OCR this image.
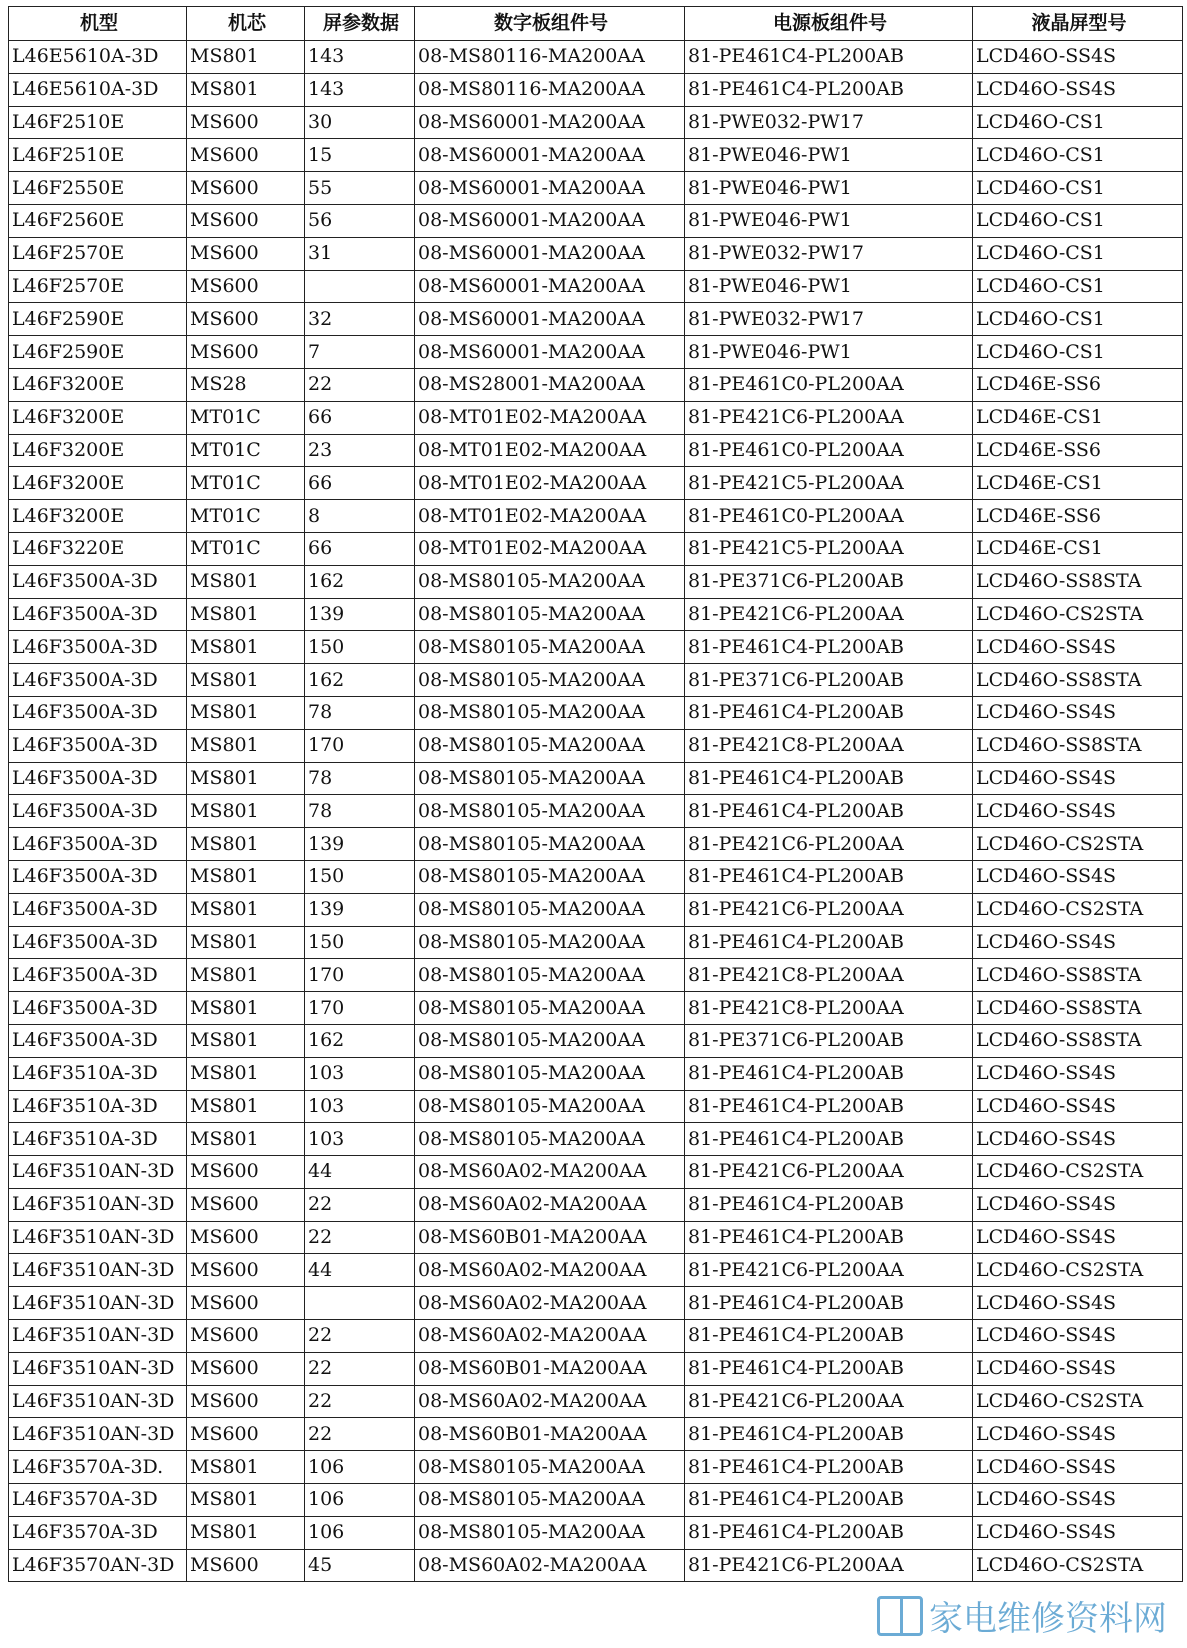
机型	机芯	屏参数据	数字板组件号	电源板组件号	液晶屏型号
L46E5610A-3D	MS801	143	08-MS80116-MA200AA	81-PE461C4-PL200AB	LCD46O-SS4S
L46E5610A-3D	MS801	143	08-MS80116-MA200AA	81-PE461C4-PL200AB	LCD46O-SS4S
L46F2510E	MS600	30	08-MS60001-MA200AA	81-PWE032-PW17	LCD46O-CS1
L46F2510E	MS600	15	08-MS60001-MA200AA	81-PWE046-PW1	LCD46O-CS1
L46F2550E	MS600	55	08-MS60001-MA200AA	81-PWE046-PW1	LCD46O-CS1
L46F2560E	MS600	56	08-MS60001-MA200AA	81-PWE046-PW1	LCD46O-CS1
L46F2570E	MS600	31	08-MS60001-MA200AA	81-PWE032-PW17	LCD46O-CS1
L46F2570E	MS600		08-MS60001-MA200AA	81-PWE046-PW1	LCD46O-CS1
L46F2590E	MS600	32	08-MS60001-MA200AA	81-PWE032-PW17	LCD46O-CS1
L46F2590E	MS600	7	08-MS60001-MA200AA	81-PWE046-PW1	LCD46O-CS1
L46F3200E	MS28	22	08-MS28001-MA200AA	81-PE461C0-PL200AA	LCD46E-SS6
L46F3200E	MT01C	66	08-MT01E02-MA200AA	81-PE421C6-PL200AA	LCD46E-CS1
L46F3200E	MT01C	23	08-MT01E02-MA200AA	81-PE461C0-PL200AA	LCD46E-SS6
L46F3200E	MT01C	66	08-MT01E02-MA200AA	81-PE421C5-PL200AA	LCD46E-CS1
L46F3200E	MT01C	8	08-MT01E02-MA200AA	81-PE461C0-PL200AA	LCD46E-SS6
L46F3220E	MT01C	66	08-MT01E02-MA200AA	81-PE421C5-PL200AA	LCD46E-CS1
L46F3500A-3D	MS801	162	08-MS80105-MA200AA	81-PE371C6-PL200AB	LCD46O-SS8STA
L46F3500A-3D	MS801	139	08-MS80105-MA200AA	81-PE421C6-PL200AA	LCD46O-CS2STA
L46F3500A-3D	MS801	150	08-MS80105-MA200AA	81-PE461C4-PL200AB	LCD46O-SS4S
L46F3500A-3D	MS801	162	08-MS80105-MA200AA	81-PE371C6-PL200AB	LCD46O-SS8STA
L46F3500A-3D	MS801	78	08-MS80105-MA200AA	81-PE461C4-PL200AB	LCD46O-SS4S
L46F3500A-3D	MS801	170	08-MS80105-MA200AA	81-PE421C8-PL200AA	LCD46O-SS8STA
L46F3500A-3D	MS801	78	08-MS80105-MA200AA	81-PE461C4-PL200AB	LCD46O-SS4S
L46F3500A-3D	MS801	78	08-MS80105-MA200AA	81-PE461C4-PL200AB	LCD46O-SS4S
L46F3500A-3D	MS801	139	08-MS80105-MA200AA	81-PE421C6-PL200AA	LCD46O-CS2STA
L46F3500A-3D	MS801	150	08-MS80105-MA200AA	81-PE461C4-PL200AB	LCD46O-SS4S
L46F3500A-3D	MS801	139	08-MS80105-MA200AA	81-PE421C6-PL200AA	LCD46O-CS2STA
L46F3500A-3D	MS801	150	08-MS80105-MA200AA	81-PE461C4-PL200AB	LCD46O-SS4S
L46F3500A-3D	MS801	170	08-MS80105-MA200AA	81-PE421C8-PL200AA	LCD46O-SS8STA
L46F3500A-3D	MS801	170	08-MS80105-MA200AA	81-PE421C8-PL200AA	LCD46O-SS8STA
L46F3500A-3D	MS801	162	08-MS80105-MA200AA	81-PE371C6-PL200AB	LCD46O-SS8STA
L46F3510A-3D	MS801	103	08-MS80105-MA200AA	81-PE461C4-PL200AB	LCD46O-SS4S
L46F3510A-3D	MS801	103	08-MS80105-MA200AA	81-PE461C4-PL200AB	LCD46O-SS4S
L46F3510A-3D	MS801	103	08-MS80105-MA200AA	81-PE461C4-PL200AB	LCD46O-SS4S
L46F3510AN-3D	MS600	44	08-MS60A02-MA200AA	81-PE421C6-PL200AA	LCD46O-CS2STA
L46F3510AN-3D	MS600	22	08-MS60A02-MA200AA	81-PE461C4-PL200AB	LCD46O-SS4S
L46F3510AN-3D	MS600	22	08-MS60B01-MA200AA	81-PE461C4-PL200AB	LCD46O-SS4S
L46F3510AN-3D	MS600	44	08-MS60A02-MA200AA	81-PE421C6-PL200AA	LCD46O-CS2STA
L46F3510AN-3D	MS600		08-MS60A02-MA200AA	81-PE461C4-PL200AB	LCD46O-SS4S
L46F3510AN-3D	MS600	22	08-MS60A02-MA200AA	81-PE461C4-PL200AB	LCD46O-SS4S
L46F3510AN-3D	MS600	22	08-MS60B01-MA200AA	81-PE461C4-PL200AB	LCD46O-SS4S
L46F3510AN-3D	MS600	22	08-MS60A02-MA200AA	81-PE421C6-PL200AA	LCD46O-CS2STA
L46F3510AN-3D	MS600	22	08-MS60B01-MA200AA	81-PE461C4-PL200AB	LCD46O-SS4S
L46F3570A-3D.	MS801	106	08-MS80105-MA200AA	81-PE461C4-PL200AB	LCD46O-SS4S
L46F3570A-3D	MS801	106	08-MS80105-MA200AA	81-PE461C4-PL200AB	LCD46O-SS4S
L46F3570A-3D	MS801	106	08-MS80105-MA200AA	81-PE461C4-PL200AB	LCD46O-SS4S
L46F3570AN-3D	MS600	45	08-MS60A02-MA200AA	81-PE421C6-PL200AA	LCD46O-CS2STA
家电维修资料网
